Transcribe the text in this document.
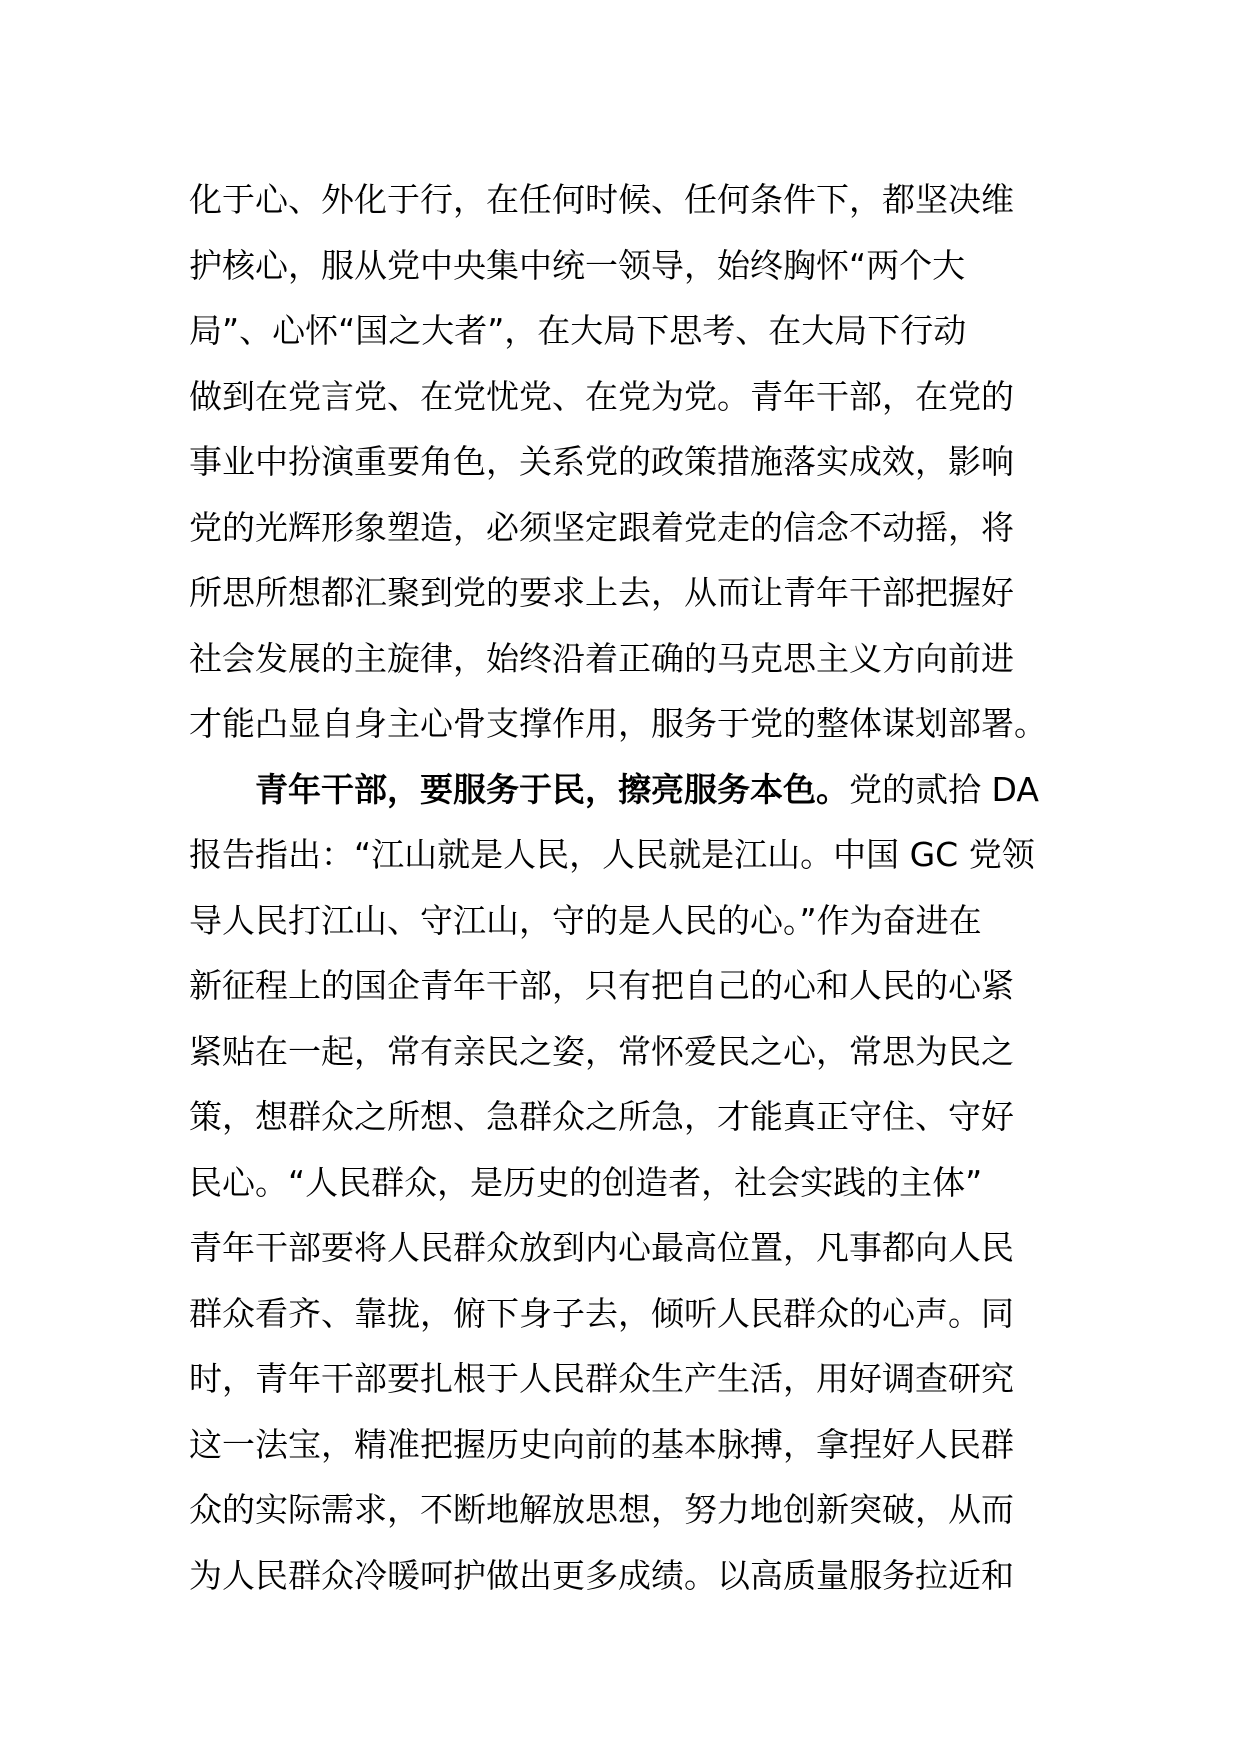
化于心、外化于行，在任何时候、任何条件下，都坚决维
护核心，服从党中央集中统一领导，始终胸怀“两个大
局”、心怀“国之大者”，在大局下思考、在大局下行动
做到在党言党、在党忧党、在党为党。青年干部，在党的
事业中扮演重要角色，关系党的政策措施落实成效，影响
党的光辉形象塑造，必须坚定跟着党走的信念不动摇，将
所思所想都汇聚到党的要求上去，从而让青年干部把握好
社会发展的主旋律，始终沿着正确的马克思主义方向前进
才能凸显自身主心骨支撑作用，服务于党的整体谋划部署。
青年干部，要服务于民，擦亮服务本色。党的贰拾 DA
报告指出：“江山就是人民，人民就是江山。中国 GC 党领
导人民打江山、守江山，守的是人民的心。”作为奋进在
新征程上的国企青年干部，只有把自己的心和人民的心紧
紧贴在一起，常有亲民之姿，常怀爱民之心，常思为民之
策，想群众之所想、急群众之所急，才能真正守住、守好
民心。“人民群众，是历史的创造者，社会实践的主体”
青年干部要将人民群众放到内心最高位置，凡事都向人民
群众看齐、靠拢，俯下身子去，倾听人民群众的心声。同
时，青年干部要扎根于人民群众生产生活，用好调查研究
这一法宝，精准把握历史向前的基本脉搏，拿捏好人民群
众的实际需求，不断地解放思想，努力地创新突破，从而
为人民群众冷暖呵护做出更多成绩。以高质量服务拉近和
